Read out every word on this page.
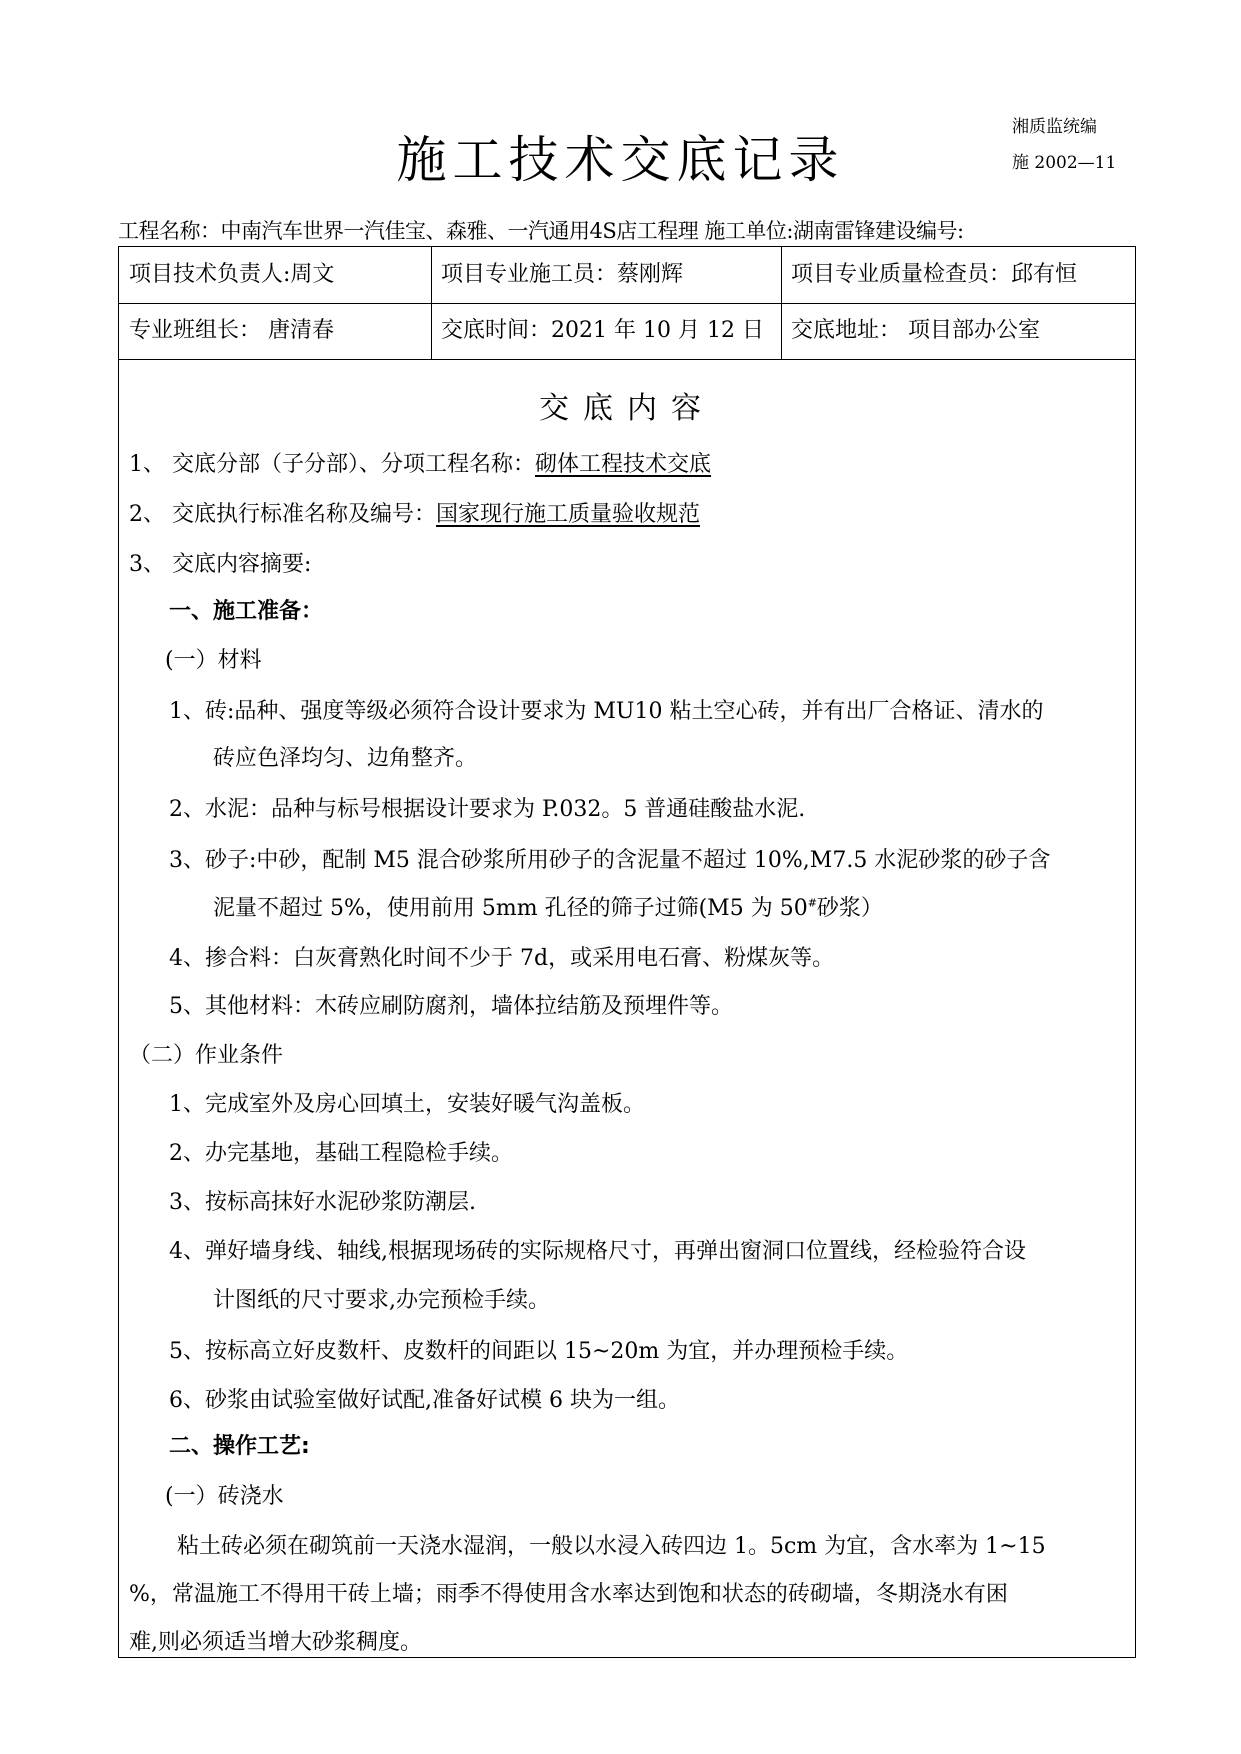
施工技术交底记录
湘质监统编
施 2002—11
工程名称：中南汽车世界一汽佳宝、森雅、一汽通用4S店工程理 施工单位:湖南雷锋建设编号:
项目技术负责人:周文	项目专业施工员：蔡刚辉	项目专业质量检查员：邱有恒
专业班组长： 唐清春	交底时间：2021 年 10 月 12 日	交底地址： 项目部办公室
交底内容
1、 交底分部（子分部）、分项工程名称：砌体工程技术交底
2、 交底执行标准名称及编号：国家现行施工质量验收规范
3、 交底内容摘要:
一、施工准备：
(一）材料
1、砖:品种、强度等级必须符合设计要求为 MU10 粘土空心砖，并有出厂合格证、清水的
砖应色泽均匀、边角整齐。
2、水泥：品种与标号根据设计要求为 P.032。5 普通硅酸盐水泥.
3、砂子:中砂，配制 M5 混合砂浆所用砂子的含泥量不超过 10%,M7.5 水泥砂浆的砂子含
泥量不超过 5%，使用前用 5mm 孔径的筛子过筛(M5 为 50#砂浆）
4、掺合料：白灰膏熟化时间不少于 7d，或采用电石膏、粉煤灰等。
5、其他材料：木砖应刷防腐剂，墙体拉结筋及预埋件等。
（二）作业条件
1、完成室外及房心回填土，安装好暖气沟盖板。
2、办完基地，基础工程隐检手续。
3、按标高抹好水泥砂浆防潮层.
4、弹好墙身线、轴线,根据现场砖的实际规格尺寸，再弹出窗洞口位置线，经检验符合设
计图纸的尺寸要求,办完预检手续。
5、按标高立好皮数杆、皮数杆的间距以 15~20m 为宜，并办理预检手续。
6、砂浆由试验室做好试配,准备好试模 6 块为一组。
二、操作工艺:
(一）砖浇水
粘土砖必须在砌筑前一天浇水湿润，一般以水浸入砖四边 1。5cm 为宜，含水率为 1~15
%，常温施工不得用干砖上墙；雨季不得使用含水率达到饱和状态的砖砌墙，冬期浇水有困
难,则必须适当增大砂浆稠度。
